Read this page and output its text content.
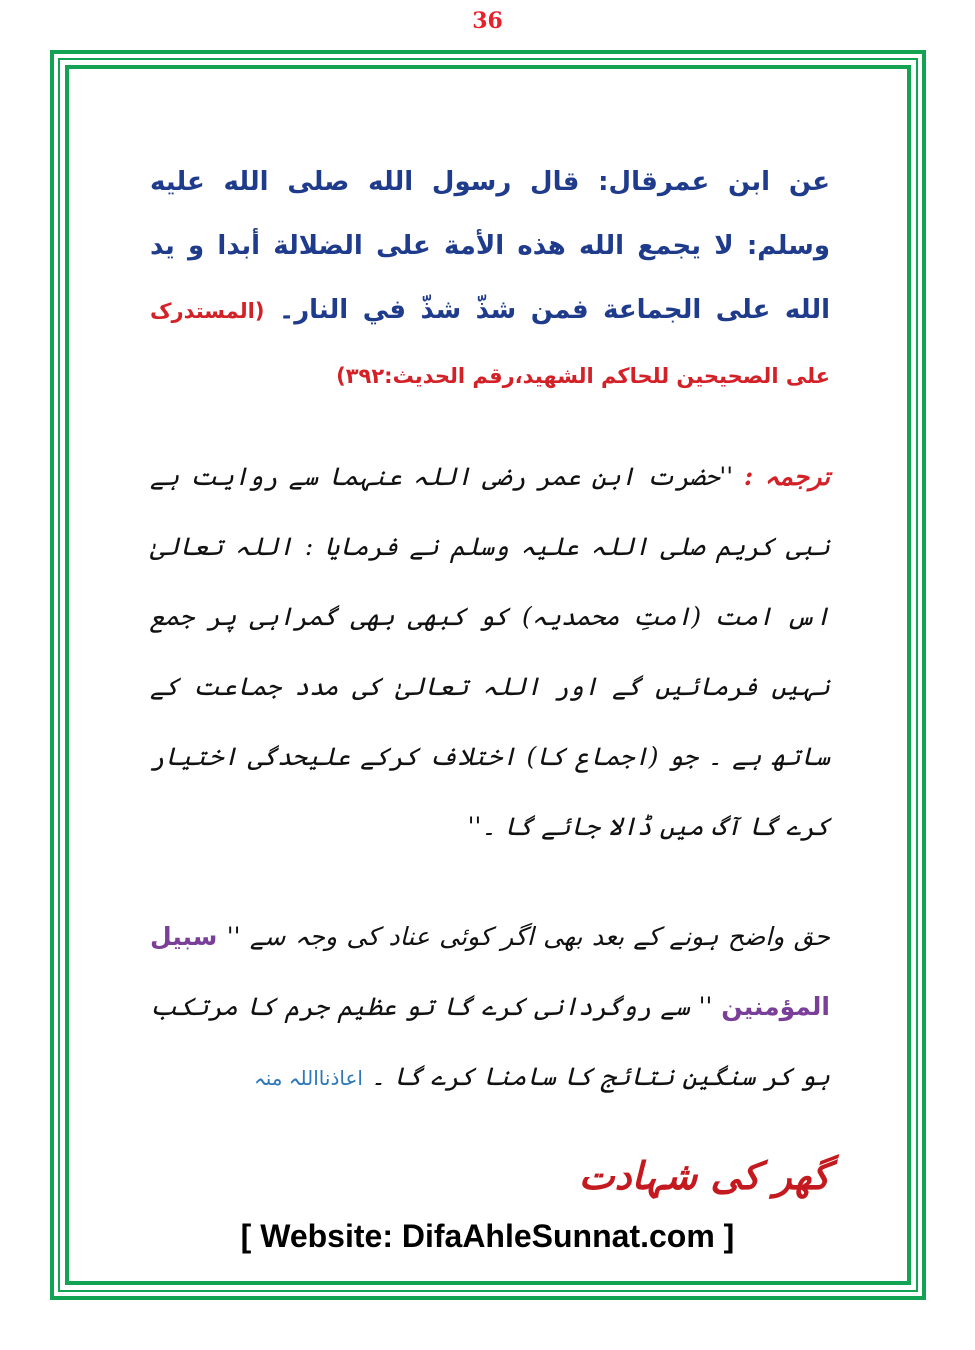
36
عن ابن عمرقال: قال رسول الله صلى الله عليه وسلم: لا يجمع الله هذه الأمة على الضلالة أبدا و يد الله على الجماعة فمن شذّ شذّ في النار۔ (المستدرک علی الصحیحین للحاکم الشھید،رقم الحدیث:۳۹۲)
ترجمہ : ''حضرت ابن عمر رضی اللہ عنہما سے روایت ہے نبی کریم صلی اللہ علیہ وسلم نے فرمایا : اللہ تعالیٰ اس امت (امتِ محمدیہ) کو کبھی بھی گمراہی پر جمع نہیں فرمائیں گے اور اللہ تعالیٰ کی مدد جماعت کے ساتھ ہے ۔ جو (اجماع کا) اختلاف کرکے علیحدگی اختیار کرے گا آگ میں ڈالا جائے گا ۔''
حق واضح ہونے کے بعد بھی اگر کوئی عناد کی وجہ سے '' سبيل المؤمنين '' سے روگردانی کرے گا تو عظیم جرم کا مرتکب ہو کر سنگین نتائج کا سامنا کرے گا ۔ اعاذنااللہ منہ
گھر کی شہادت
[ Website: DifaAhleSunnat.com ]
